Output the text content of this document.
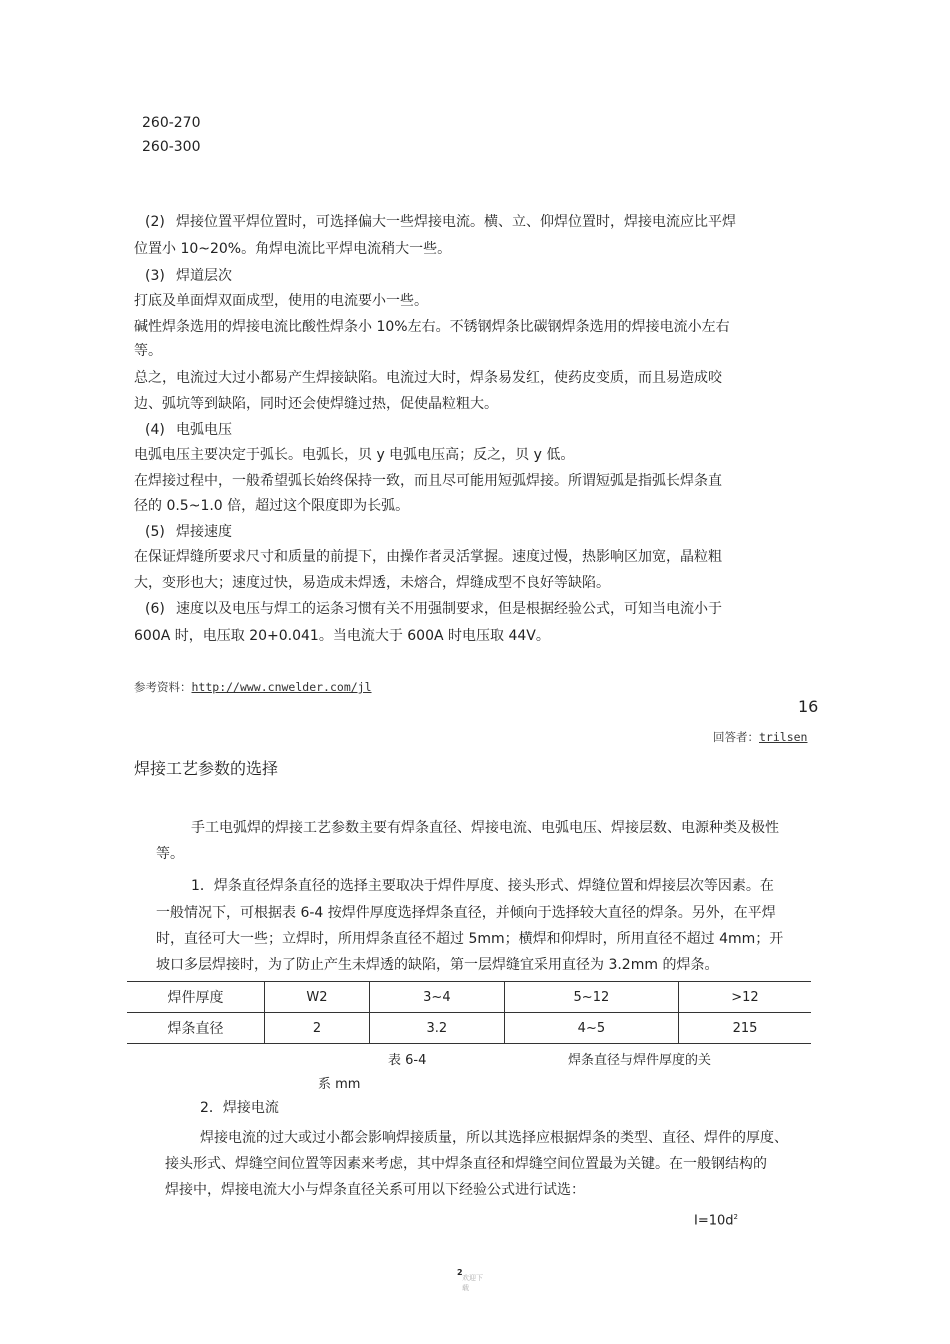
260-270
260-300
(2) 焊接位置平焊位置时，可选择偏大一些焊接电流。横、立、仰焊位置时，焊接电流应比平焊
位置小 10~20%。角焊电流比平焊电流稍大一些。
(3) 焊道层次
打底及单面焊双面成型，使用的电流要小一些。
碱性焊条选用的焊接电流比酸性焊条小 10%左右。不锈钢焊条比碳钢焊条选用的焊接电流小左右
等。
总之，电流过大过小都易产生焊接缺陷。电流过大时，焊条易发红，使药皮变质，而且易造成咬
边、弧坑等到缺陷，同时还会使焊缝过热，促使晶粒粗大。
(4) 电弧电压
电弧电压主要决定于弧长。电弧长，贝 y 电弧电压高；反之，贝 y 低。
在焊接过程中，一般希望弧长始终保持一致，而且尽可能用短弧焊接。所谓短弧是指弧长焊条直
径的 0.5~1.0 倍，超过这个限度即为长弧。
(5) 焊接速度
在保证焊缝所要求尺寸和质量的前提下，由操作者灵活掌握。速度过慢，热影响区加宽，晶粒粗
大，变形也大；速度过快，易造成未焊透，未熔合，焊缝成型不良好等缺陷。
(6) 速度以及电压与焊工的运条习惯有关不用强制要求，但是根据经验公式，可知当电流小于
600A 时，电压取 20+0.041。当电流大于 600A 时电压取 44V。
参考资料：http://www.cnwelder.com/jl
16
回答者：trilsen
焊接工艺参数的选择
手工电弧焊的焊接工艺参数主要有焊条直径、焊接电流、电弧电压、焊接层数、电源种类及极性
等。
1．焊条直径焊条直径的选择主要取决于焊件厚度、接头形式、焊缝位置和焊接层次等因素。在
一般情况下，可根据表 6-4 按焊件厚度选择焊条直径，并倾向于选择较大直径的焊条。另外，在平焊
时，直径可大一些；立焊时，所用焊条直径不超过 5mm；横焊和仰焊时，所用直径不超过 4mm；开
坡口多层焊接时，为了防止产生未焊透的缺陷，第一层焊缝宜采用直径为 3.2mm 的焊条。
焊件厚度	W2	3~4	5~12	>12
焊条直径	2	3.2	4~5	215
表 6-4	焊条直径与焊件厚度的关
系 mm
2．焊接电流
焊接电流的过大或过小都会影响焊接质量，所以其选择应根据焊条的类型、直径、焊件的厚度、
接头形式、焊缝空间位置等因素来考虑，其中焊条直径和焊缝空间位置最为关键。在一般钢结构的
焊接中，焊接电流大小与焊条直径关系可用以下经验公式进行试选：
$I=10d^2$
2
欢迎下
载
